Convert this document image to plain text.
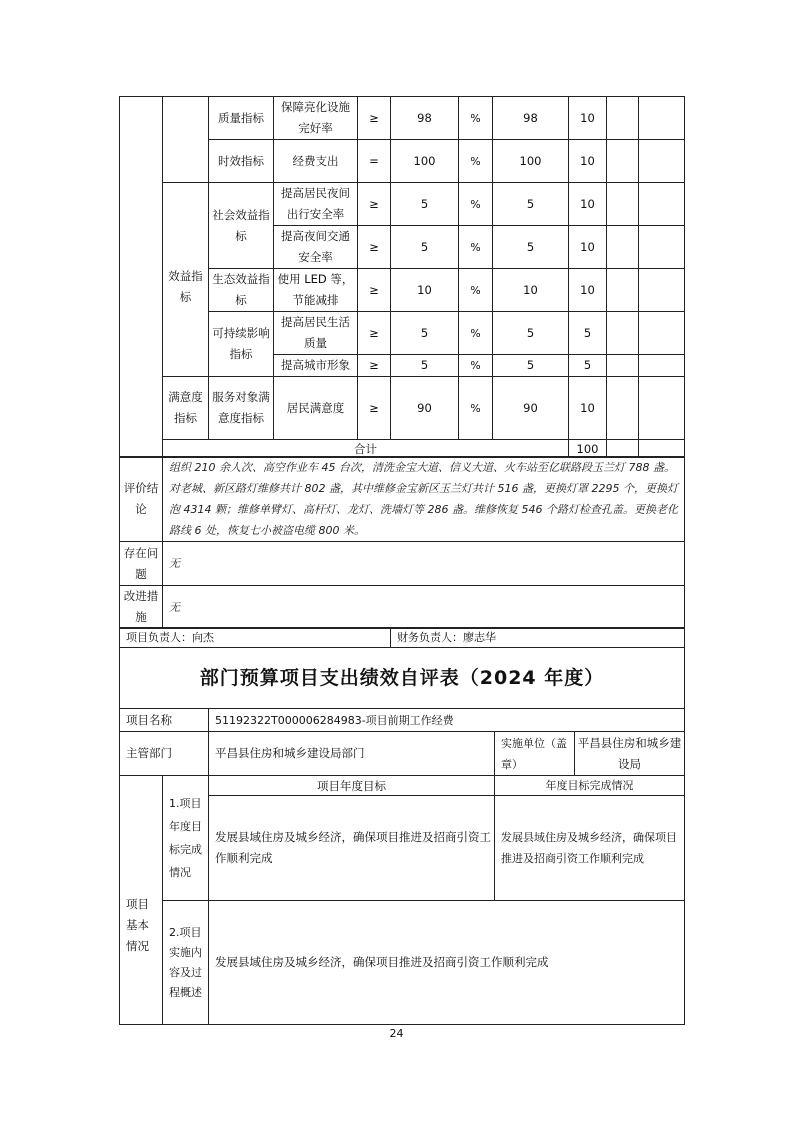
		质量指标	保障亮化设施完好率	≥	98	%	98	10		
		时效指标	经费支出	=	100	%	100	10		
	效益指标	社会效益指标	提高居民夜间出行安全率	≥	5	%	5	10		
			提高夜间交通安全率	≥	5	%	5	10		
		生态效益指标	使用 LED 等，节能减排	≥	10	%	10	10		
		可持续影响指标	提高居民生活质量	≥	5	%	5	5		
			提高城市形象	≥	5	%	5	5		
	满意度指标	服务对象满意度指标	居民满意度	≥	90	%	90	10		
	合计							100		
评价结论	组织 210 余人次、高空作业车 45 台次，清洗金宝大道、信义大道、火车站至亿联路段玉兰灯 788 盏。对老城、新区路灯维修共计 802 盏，其中维修金宝新区玉兰灯共计 516 盏，更换灯罩 2295 个，更换灯泡 4314 颗；维修单臂灯、高杆灯、龙灯、洗墙灯等 286 盏。维修恢复 546 个路灯检查孔盖。更换老化路线 6 处，恢复七小被盗电缆 800 米。
存在问题	无
改进措施	无
项目负责人：向杰	财务负责人：廖志华
部门预算项目支出绩效自评表（2024 年度）				
项目名称		51192322T000006284983-项目前期工作经费		
主管部门		平昌县住房和城乡建设局部门	实施单位（盖章）	平昌县住房和城乡建设局
项目基本情况	1.项目年度目标完成情况	项目年度目标	年度目标完成情况	
		发展县域住房及城乡经济，确保项目推进及招商引资工作顺利完成	发展县域住房及城乡经济，确保项目推进及招商引资工作顺利完成	
	2.项目实施内容及过程概述	发展县域住房及城乡经济，确保项目推进及招商引资工作顺利完成		
24
